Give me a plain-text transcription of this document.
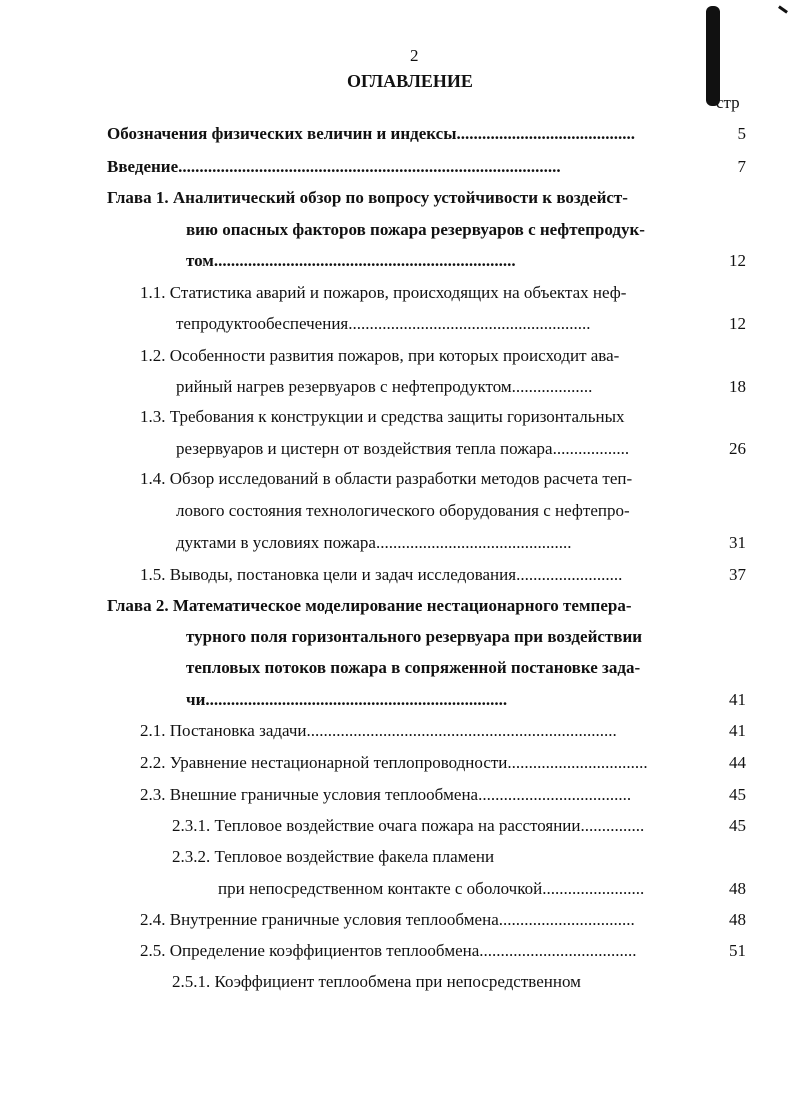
2
ОГЛАВЛЕНИЕ
стр
Обозначения физических величин и индексы..........................................	5
Введение..........................................................................................	7
Глава 1. Аналитический обзор по вопросу устойчивости к воздейст-
вию опасных факторов пожара резервуаров с нефтепродук-
том.......................................................................	12
1.1. Статистика аварий и пожаров, происходящих на объектах неф-
тепродуктообеспечения.........................................................	12
1.2. Особенности развития пожаров, при которых происходит ава-
рийный нагрев резервуаров с нефтепродуктом...................	18
1.3. Требования к конструкции и средства защиты горизонтальных
резервуаров и цистерн от воздействия тепла пожара..................	26
1.4. Обзор исследований в области разработки методов расчета теп-
лового состояния технологического оборудования с нефтепро-
дуктами в условиях пожара..............................................	31
1.5. Выводы, постановка цели и задач исследования.........................	37
Глава 2. Математическое моделирование нестационарного темпера-
турного поля горизонтального резервуара при воздействии
тепловых потоков пожара в сопряженной постановке зада-
чи.......................................................................	41
2.1. Постановка задачи.........................................................................	41
2.2. Уравнение нестационарной теплопроводности.................................	44
2.3. Внешние граничные условия теплообмена....................................	45
2.3.1. Тепловое воздействие очага пожара на расстоянии...............	45
2.3.2. Тепловое воздействие факела пламени
при непосредственном контакте с оболочкой........................	48
2.4. Внутренние граничные условия теплообмена................................	48
2.5. Определение коэффициентов теплообмена.....................................	51
2.5.1. Коэффициент теплообмена при непосредственном
